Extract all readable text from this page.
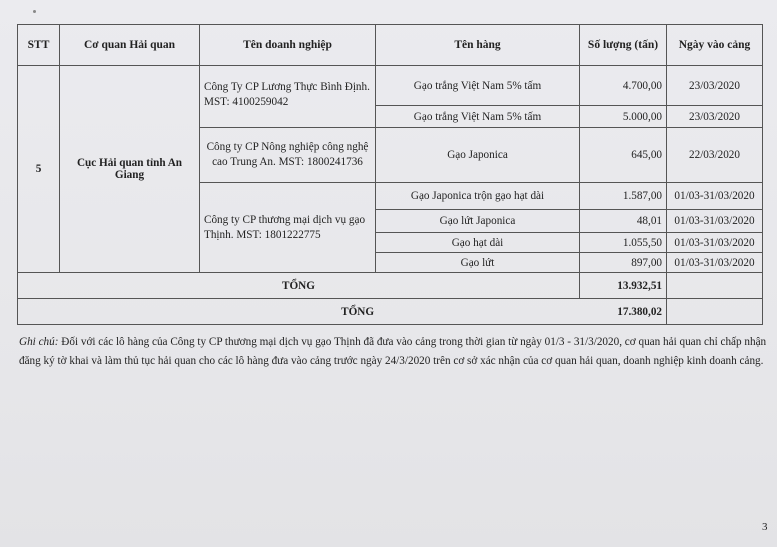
STT	Cơ quan Hải quan	Tên doanh nghiệp	Tên hàng	Số lượng (tấn)	Ngày vào cảng
5	Cục Hải quan tỉnh An Giang	Công Ty CP Lương Thực Bình Định. MST: 4100259042	Gạo trắng Việt Nam 5% tấm	4.700,00	23/03/2020
			Gạo trắng Việt Nam 5% tấm	5.000,00	23/03/2020
		Công ty CP Nông nghiệp công nghệ cao Trung An. MST: 1800241736	Gạo Japonica	645,00	22/03/2020
		Công ty CP thương mại dịch vụ gạo Thịnh. MST: 1801222775	Gạo Japonica trộn gạo hạt dài	1.587,00	01/03-31/03/2020
			Gạo lứt Japonica	48,01	01/03-31/03/2020
			Gạo hạt dài	1.055,50	01/03-31/03/2020
			Gạo lứt	897,00	01/03-31/03/2020
TỔNG				13.932,51	
TỔNG 17.380,02					

Ghi chú: Đối với các lô hàng của Công ty CP thương mại dịch vụ gạo Thịnh đã đưa vào cảng trong thời gian từ ngày 01/3 - 31/3/2020, cơ quan hải quan chỉ chấp nhận đăng ký tờ khai và làm thủ tục hải quan cho các lô hàng đưa vào cảng trước ngày 24/3/2020 trên cơ sở xác nhận của cơ quan hải quan, doanh nghiệp kinh doanh cảng.
3
